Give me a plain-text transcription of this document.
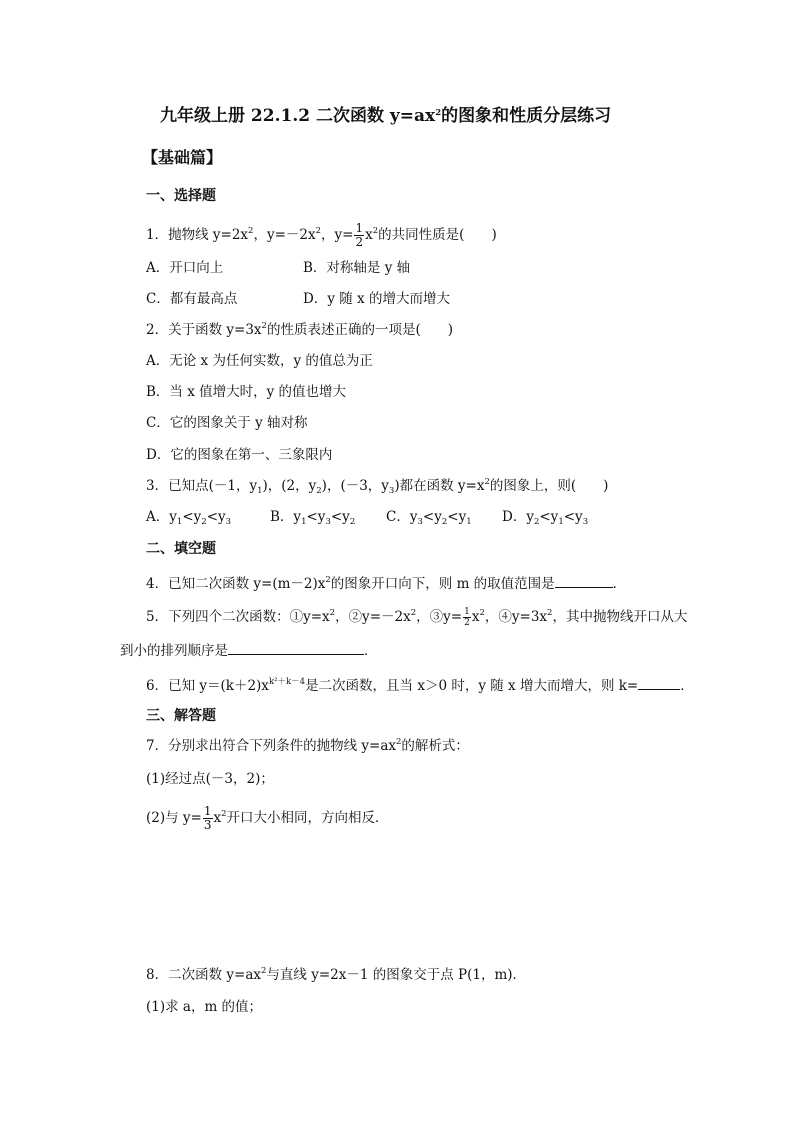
九年级上册 22.1.2 二次函数 $y=ax^2$的图象和性质分层练习
【基础篇】
一、选择题
1．抛物线 $y=2x^2$，$y=-2x^2$，$y= \frac{1}{2} x^2$的共同性质是(　　)
A．开口向上	B．对称轴是 y 轴
C．都有最高点	D．y 随 x 的增大而增大
2．关于函数 $y=3x^2$的性质表述正确的一项是(　　)
A．无论 x 为任何实数，y 的值总为正
B．当 x 值增大时，y 的值也增大
C．它的图象关于 y 轴对称
D．它的图象在第一、三象限内
3．已知点(－1，$y_1$)，(2，$y_2$)，(－3，$y_3$)都在函数 $y=x^2$的图象上，则(　　)
A．$y_1<y_2<y_3$	B．$y_1<y_3<y_2$ C．$y_3<y_2<y_1$ D．$y_2<y_1<y_3$
二、填空题
4．已知二次函数 $y=(m-2)x^2$的图象开口向下，则 m 的取值范围是	．
5．下列四个二次函数：$①y=x^2$，$②y=-2x^2$，③y= $\frac{1}{2} x^2$，$④y=3x^2$，其中抛物线开口从大
到小的排列顺序是	．
6．已知 $y=(k+2)x^{k^2+k-4}$是二次函数，且当 x＞0 时，y 随 x 增大而增大，则 k=	．
三、解答题
7．分别求出符合下列条件的抛物线 $y=ax^2$的解析式：
(1)经过点(－3，2)；
(2)与 $y= \frac{1}{3} x^2$开口大小相同，方向相反．
8．二次函数 $y=ax^2$与直线 y=2x－1 的图象交于点 P(1，m)．
(1)求 a，m 的值；
